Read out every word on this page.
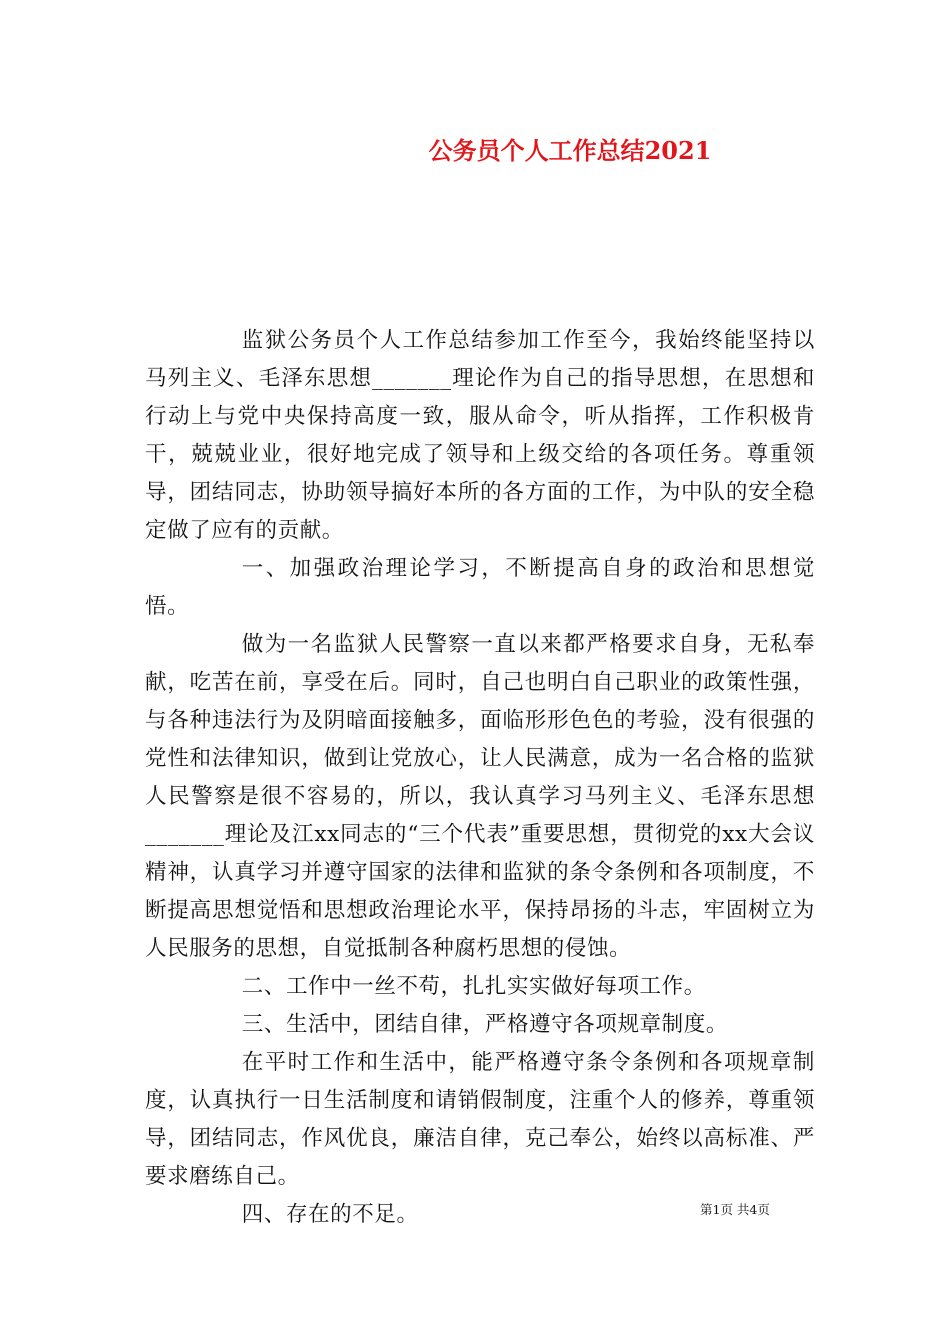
公务员个人工作总结2021

监狱公务员个人工作总结参加工作至今，我始终能坚持以马列主义、毛泽东思想_______理论作为自己的指导思想，在思想和行动上与党中央保持高度一致，服从命令，听从指挥，工作积极肯干，兢兢业业，很好地完成了领导和上级交给的各项任务。尊重领导，团结同志，协助领导搞好本所的各方面的工作，为中队的安全稳定做了应有的贡献。

一、加强政治理论学习，不断提高自身的政治和思想觉悟。

做为一名监狱人民警察一直以来都严格要求自身，无私奉献，吃苦在前，享受在后。同时，自己也明白自己职业的政策性强，与各种违法行为及阴暗面接触多，面临形形色色的考验，没有很强的党性和法律知识，做到让党放心，让人民满意，成为一名合格的监狱人民警察是很不容易的，所以，我认真学习马列主义、毛泽东思想_______理论及江xx同志的“三个代表”重要思想，贯彻党的xx大会议精神，认真学习并遵守国家的法律和监狱的条令条例和各项制度，不断提高思想觉悟和思想政治理论水平，保持昂扬的斗志，牢固树立为人民服务的思想，自觉抵制各种腐朽思想的侵蚀。

二、工作中一丝不苟，扎扎实实做好每项工作。

三、生活中，团结自律，严格遵守各项规章制度。

在平时工作和生活中，能严格遵守条令条例和各项规章制度，认真执行一日生活制度和请销假制度，注重个人的修养，尊重领导，团结同志，作风优良，廉洁自律，克己奉公，始终以高标准、严要求磨练自己。

四、存在的不足。	第1页 共4页
